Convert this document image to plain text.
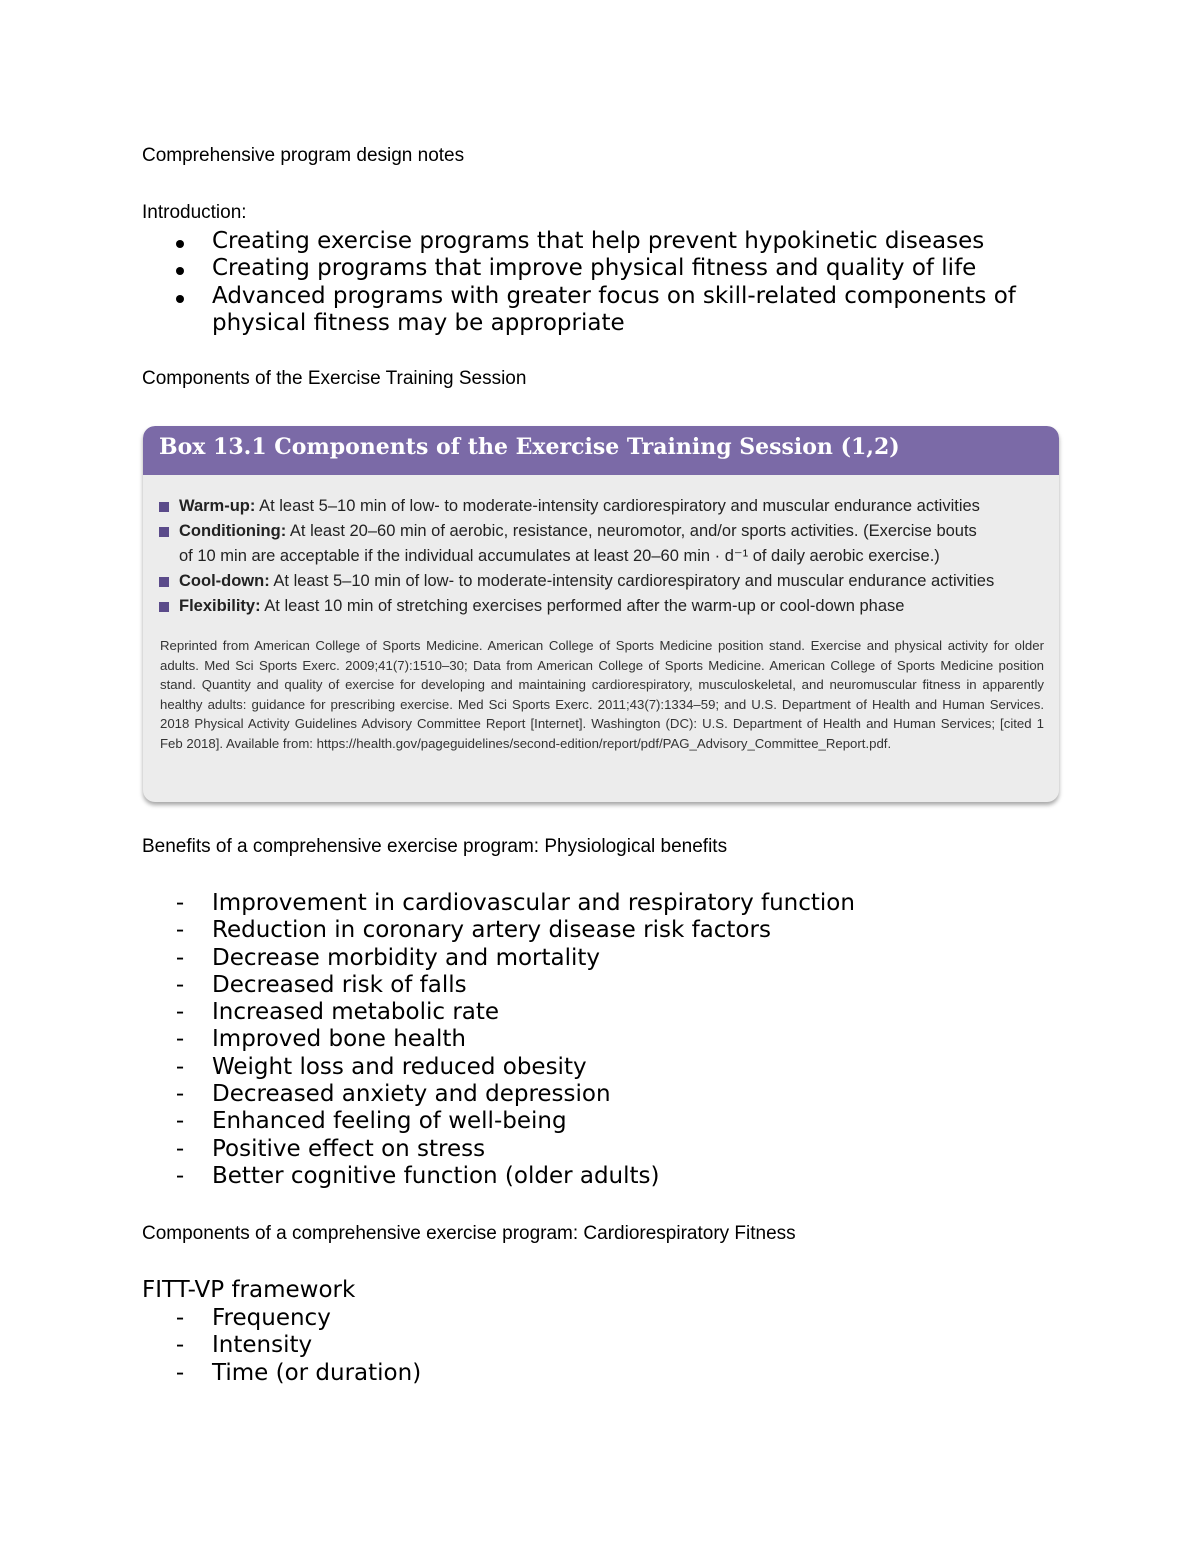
Comprehensive program design notes
Introduction:
Creating exercise programs that help prevent hypokinetic diseases
Creating programs that improve physical fitness and quality of life
Advanced programs with greater focus on skill-related components of physical fitness may be appropriate
Components of the Exercise Training Session
Box 13.1 Components of the Exercise Training Session (1,2)
Warm-up: At least 5–10 min of low- to moderate-intensity cardiorespiratory and muscular endurance activities
Conditioning: At least 20–60 min of aerobic, resistance, neuromotor, and/or sports activities. (Exercise bouts
of 10 min are acceptable if the individual accumulates at least 20–60 min · d⁻¹ of daily aerobic exercise.)
Cool-down: At least 5–10 min of low- to moderate-intensity cardiorespiratory and muscular endurance activities
Flexibility: At least 10 min of stretching exercises performed after the warm-up or cool-down phase
Reprinted from American College of Sports Medicine. American College of Sports Medicine position stand. Exercise and physical activity for older adults. Med Sci Sports Exerc. 2009;41(7):1510–30; Data from American College of Sports Medicine. American College of Sports Medicine position stand. Quantity and quality of exercise for developing and maintaining cardiorespiratory, musculoskeletal, and neuromuscular fitness in apparently healthy adults: guidance for prescribing exercise. Med Sci Sports Exerc. 2011;43(7):1334–59; and U.S. Department of Health and Human Services. 2018 Physical Activity Guidelines Advisory Committee Report [Internet]. Washington (DC): U.S. Department of Health and Human Services; [cited 1 Feb 2018]. Available from: https://health.gov/pageguidelines/second-edition/report/pdf/PAG_Advisory_Committee_Report.pdf.
Benefits of a comprehensive exercise program: Physiological benefits
- Improvement in cardiovascular and respiratory function
- Reduction in coronary artery disease risk factors
- Decrease morbidity and mortality
- Decreased risk of falls
- Increased metabolic rate
- Improved bone health
- Weight loss and reduced obesity
- Decreased anxiety and depression
- Enhanced feeling of well-being
- Positive effect on stress
- Better cognitive function (older adults)
Components of a comprehensive exercise program: Cardiorespiratory Fitness
FITT-VP framework
- Frequency
- Intensity
- Time (or duration)
